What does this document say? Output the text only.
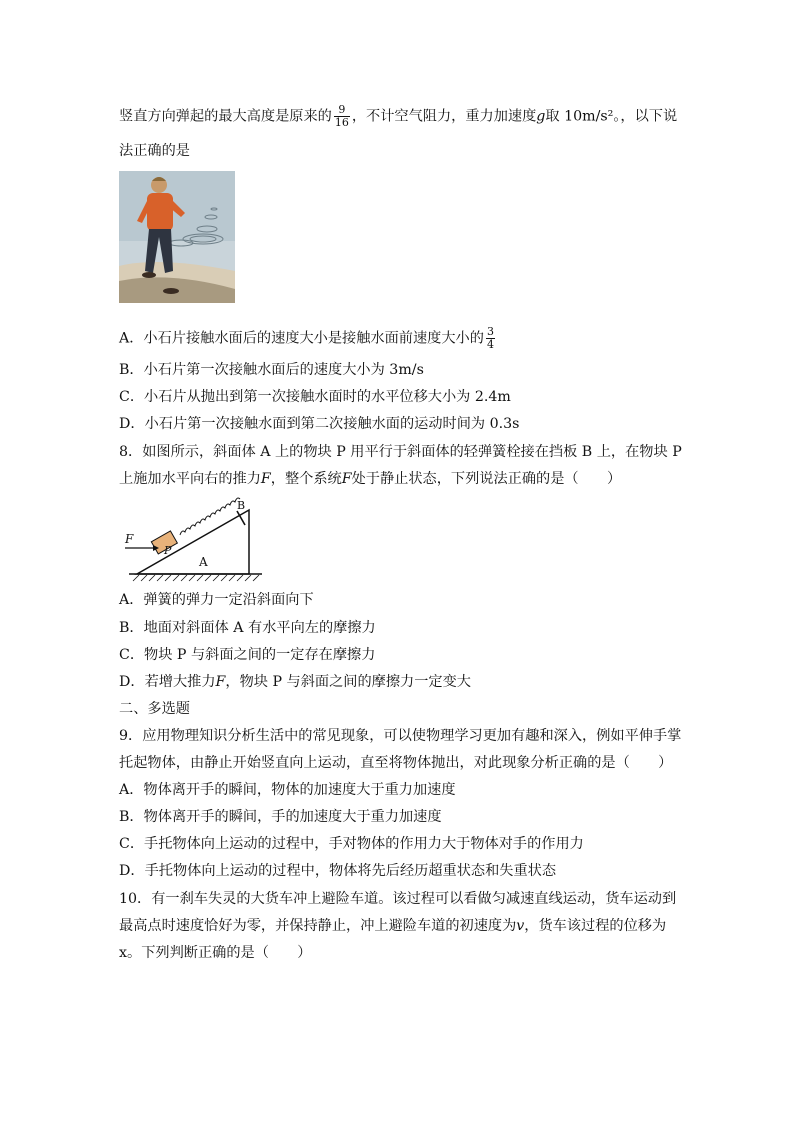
竖直方向弹起的最大高度是原来的 $\frac{9}{16}$ ，不计空气阻力，重力加速度g取 10m/s²。，以下说
法正确的是
A．小石片接触水面后的速度大小是接触水面前速度大小的 $\frac{3}{4}$
B．小石片第一次接触水面后的速度大小为 3m/s
C．小石片从抛出到第一次接触水面时的水平位移大小为 2.4m
D．小石片第一次接触水面到第二次接触水面的运动时间为 0.3s
8．如图所示，斜面体 A 上的物块 P 用平行于斜面体的轻弹簧栓接在挡板 B 上，在物块 P
上施加水平向右的推力F，整个系统F处于静止状态，下列说法正确的是（　　）
P
B
F
A
A．弹簧的弹力一定沿斜面向下
B．地面对斜面体 A 有水平向左的摩擦力
C．物块 P 与斜面之间的一定存在摩擦力
D．若增大推力F，物块 P 与斜面之间的摩擦力一定变大
二、多选题
9．应用物理知识分析生活中的常见现象，可以使物理学习更加有趣和深入，例如平伸手掌
托起物体，由静止开始竖直向上运动，直至将物体抛出，对此现象分析正确的是（　　）
A．物体离开手的瞬间，物体的加速度大于重力加速度
B．物体离开手的瞬间，手的加速度大于重力加速度
C．手托物体向上运动的过程中，手对物体的作用力大于物体对手的作用力
D．手托物体向上运动的过程中，物体将先后经历超重状态和失重状态
10．有一刹车失灵的大货车冲上避险车道。该过程可以看做匀减速直线运动，货车运动到
最高点时速度恰好为零，并保持静止，冲上避险车道的初速度为v，货车该过程的位移为
x。下列判断正确的是（　　）
